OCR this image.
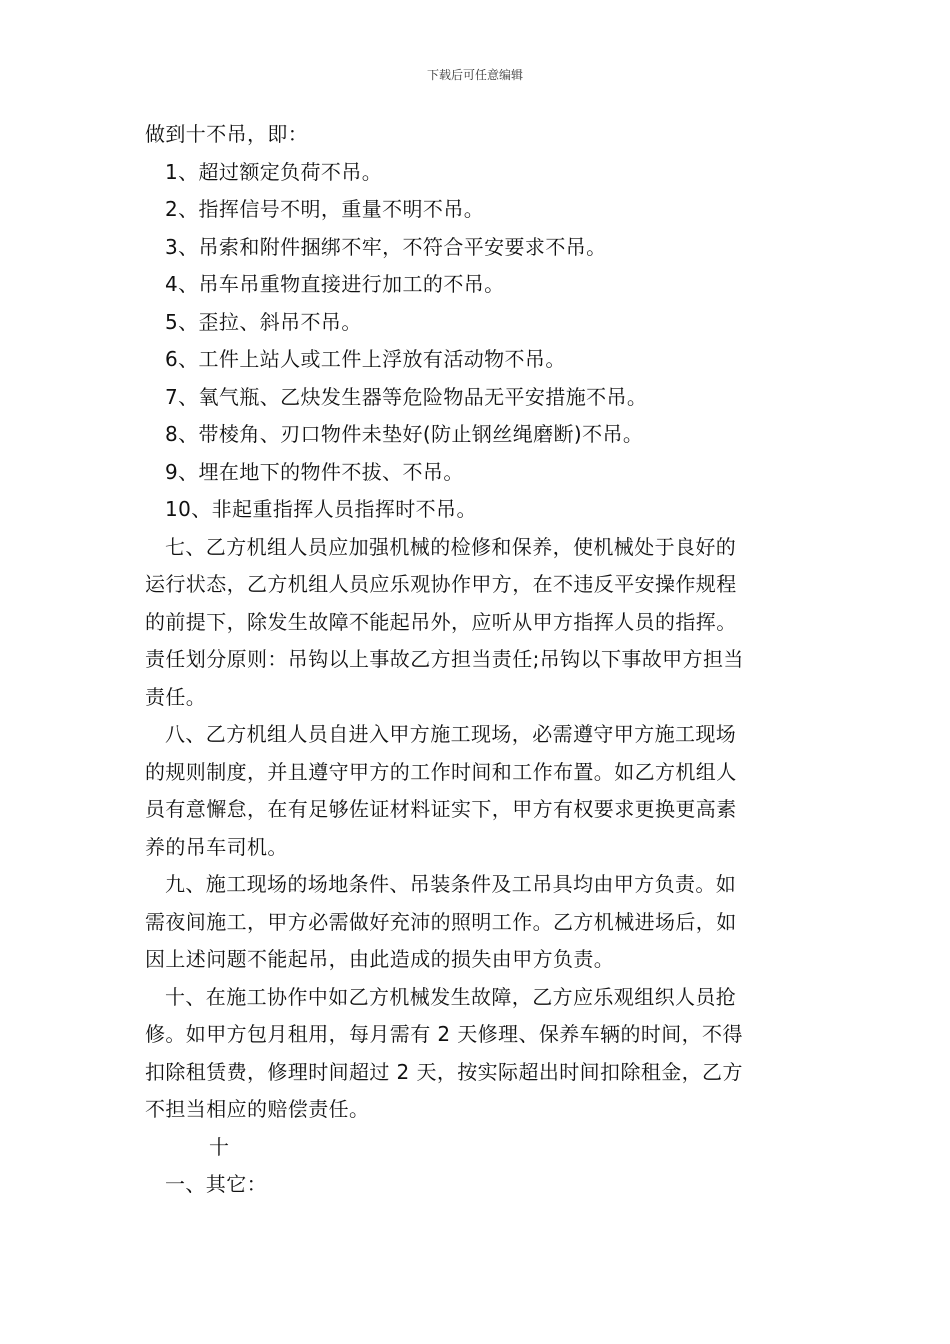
下载后可任意编辑
做到十不吊，即：
1、超过额定负荷不吊。
2、指挥信号不明，重量不明不吊。
3、吊索和附件捆绑不牢，不符合平安要求不吊。
4、吊车吊重物直接进行加工的不吊。
5、歪拉、斜吊不吊。
6、工件上站人或工件上浮放有活动物不吊。
7、氧气瓶、乙炔发生器等危险物品无平安措施不吊。
8、带棱角、刃口物件未垫好(防止钢丝绳磨断)不吊。
9、埋在地下的物件不拔、不吊。
10、非起重指挥人员指挥时不吊。
七、乙方机组人员应加强机械的检修和保养，使机械处于良好的
运行状态，乙方机组人员应乐观协作甲方，在不违反平安操作规程
的前提下，除发生故障不能起吊外，应听从甲方指挥人员的指挥。
责任划分原则：吊钩以上事故乙方担当责任;吊钩以下事故甲方担当
责任。
八、乙方机组人员自进入甲方施工现场，必需遵守甲方施工现场
的规则制度，并且遵守甲方的工作时间和工作布置。如乙方机组人
员有意懈怠，在有足够佐证材料证实下，甲方有权要求更换更高素
养的吊车司机。
九、施工现场的场地条件、吊装条件及工吊具均由甲方负责。如
需夜间施工，甲方必需做好充沛的照明工作。乙方机械进场后，如
因上述问题不能起吊，由此造成的损失由甲方负责。
十、在施工协作中如乙方机械发生故障，乙方应乐观组织人员抢
修。如甲方包月租用，每月需有 2 天修理、保养车辆的时间，不得
扣除租赁费，修理时间超过 2 天，按实际超出时间扣除租金，乙方
不担当相应的赔偿责任。
十
一、其它：
